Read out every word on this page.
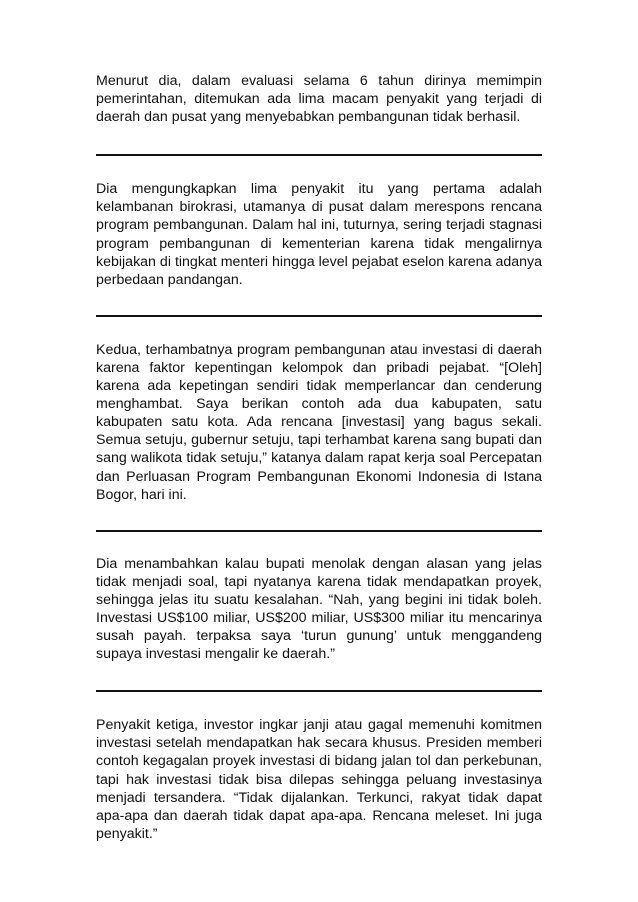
Menurut dia, dalam evaluasi selama 6 tahun dirinya memimpin pemerintahan, ditemukan ada lima macam penyakit yang terjadi di daerah dan pusat yang menyebabkan pembangunan tidak berhasil.

Dia mengungkapkan lima penyakit itu yang pertama adalah kelambanan birokrasi, utamanya di pusat dalam merespons rencana program pembangunan. Dalam hal ini, tuturnya, sering terjadi stagnasi program pembangunan di kementerian karena tidak mengalirnya kebijakan di tingkat menteri hingga level pejabat eselon karena adanya perbedaan pandangan.

Kedua, terhambatnya program pembangunan atau investasi di daerah karena faktor kepentingan kelompok dan pribadi pejabat. “[Oleh] karena ada kepetingan sendiri tidak memperlancar dan cenderung menghambat. Saya berikan contoh ada dua kabupaten, satu kabupaten satu kota. Ada rencana [investasi] yang bagus sekali. Semua setuju, gubernur setuju, tapi terhambat karena sang bupati dan sang walikota tidak setuju,” katanya dalam rapat kerja soal Percepatan dan Perluasan Program Pembangunan Ekonomi Indonesia di Istana Bogor, hari ini.

Dia menambahkan kalau bupati menolak dengan alasan yang jelas tidak menjadi soal, tapi nyatanya karena tidak mendapatkan proyek, sehingga jelas itu suatu kesalahan. “Nah, yang begini ini tidak boleh. Investasi US$100 miliar, US$200 miliar, US$300 miliar itu mencarinya susah payah. terpaksa saya ‘turun gunung’ untuk menggandeng supaya investasi mengalir ke daerah.”

Penyakit ketiga, investor ingkar janji atau gagal memenuhi komitmen investasi setelah mendapatkan hak secara khusus. Presiden memberi contoh kegagalan proyek investasi di bidang jalan tol dan perkebunan, tapi hak investasi tidak bisa dilepas sehingga peluang investasinya menjadi tersandera. “Tidak dijalankan. Terkunci, rakyat tidak dapat apa-apa dan daerah tidak dapat apa-apa. Rencana meleset. Ini juga penyakit.”
